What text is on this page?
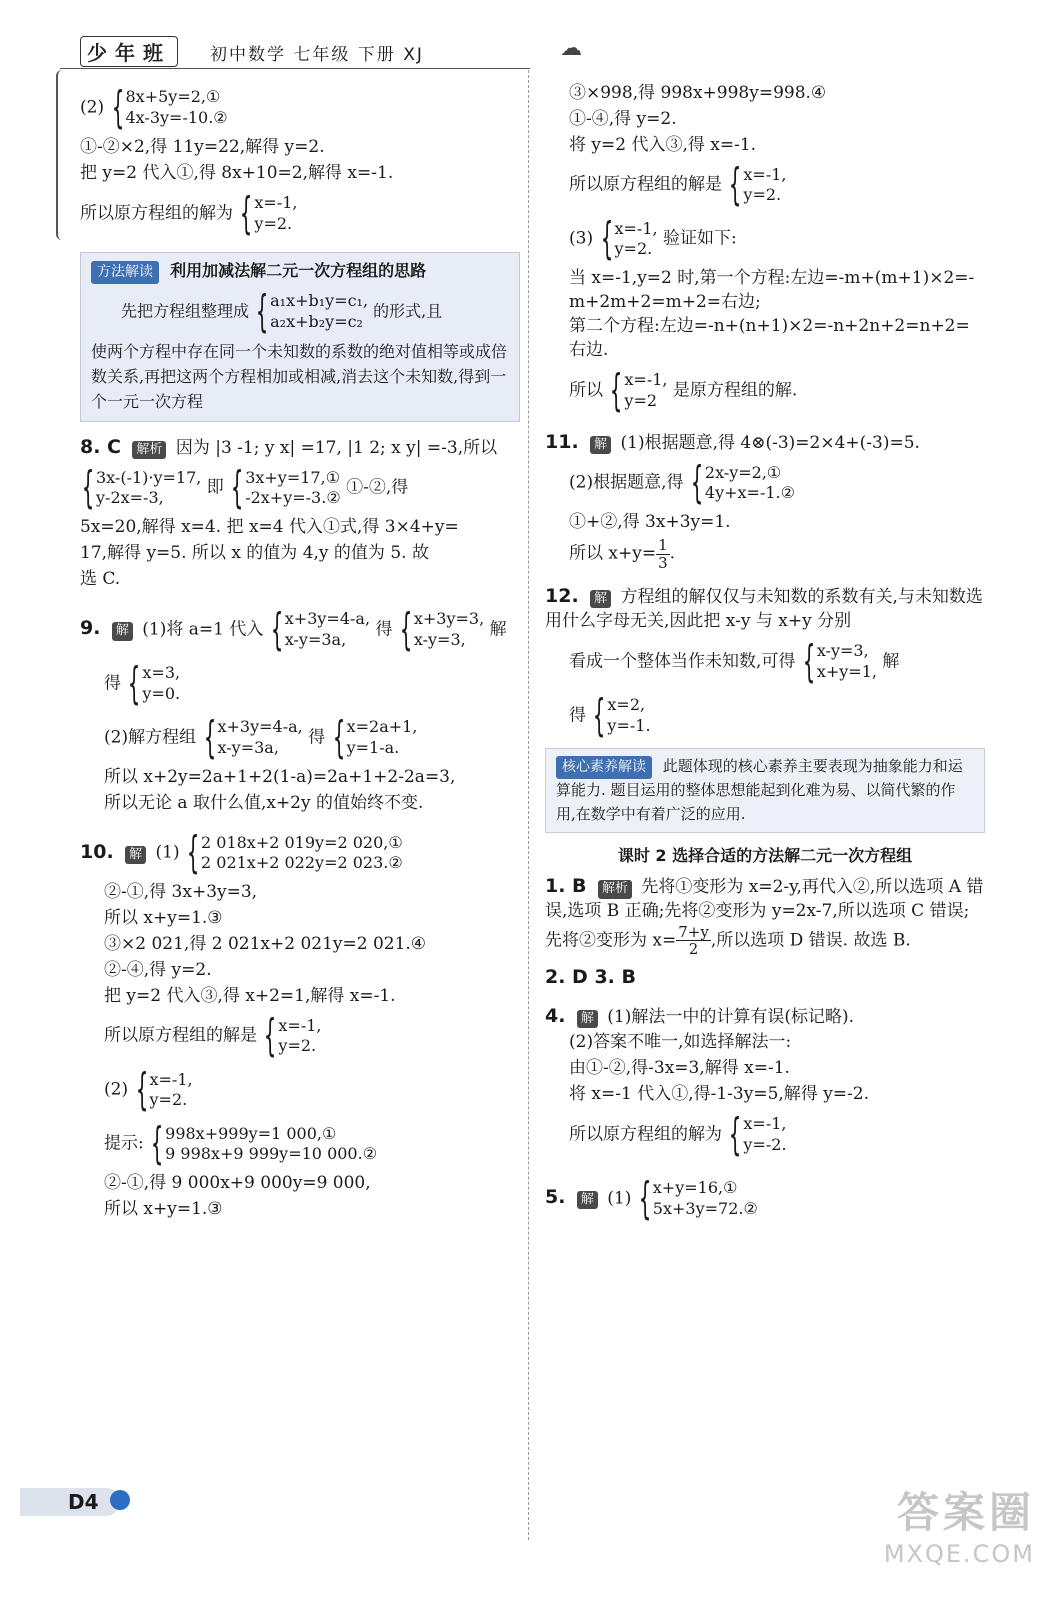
少年班	初中数学 七年级 下册 XJ	☁
(2) { 8x+5y=2,①
4x-3y=-10.②
①-②×2,得 11y=22,解得 y=2.
把 y=2 代入①,得 8x+10=2,解得 x=-1.
所以原方程组的解为 { x=-1,
y=2.
方法解读 利用加减法解二元一次方程组的思路
先把方程组整理成 { a₁x+b₁y=c₁,
a₂x+b₂y=c₂
的形式,且
使两个方程中存在同一个未知数的系数的绝对值相等或成倍数关系,再把这两个方程相加或相减,消去这个未知数,得到一个一元一次方程
8. C 解析 因为 |3 -1; y x| =17, |1 2; x y| =-3,所以
{ 3x-(-1)·y=17,
y-2x=-3,	即 { 3x+y=17,①
-2x+y=-3.② ①-②,得
5x=20,解得 x=4. 把 x=4 代入①式,得 3×4+y=
17,解得 y=5. 所以 x 的值为 4,y 的值为 5. 故
选 C.
9. 解 (1)将 a=1 代入 { x+3y=4-a,
x-y=3a,	得 { x+3y=3,
x-y=3,	解
得 { x=3,
y=0.
(2)解方程组 { x+3y=4-a,
x-y=3a,	得 { x=2a+1,
y=1-a.
所以 x+2y=2a+1+2(1-a)=2a+1+2-2a=3,
所以无论 a 取什么值,x+2y 的值始终不变.
10. 解 (1) { 2 018x+2 019y=2 020,①
2 021x+2 022y=2 023.②
②-①,得 3x+3y=3,
所以 x+y=1.③
③×2 021,得 2 021x+2 021y=2 021.④
②-④,得 y=2.
把 y=2 代入③,得 x+2=1,解得 x=-1.
所以原方程组的解是 { x=-1,
y=2.
(2) { x=-1,
y=2.
提示: { 998x+999y=1 000,①
9 998x+9 999y=10 000.②
②-①,得 9 000x+9 000y=9 000,
所以 x+y=1.③
③×998,得 998x+998y=998.④
①-④,得 y=2.
将 y=2 代入③,得 x=-1.
所以原方程组的解是 { x=-1,
y=2.
(3) { x=-1,
y=2. 验证如下:
当 x=-1,y=2 时,第一个方程:左边=-m+(m+1)×2=-m+2m+2=m+2=右边;
第二个方程:左边=-n+(n+1)×2=-n+2n+2=n+2=右边.
所以 { x=-1,
y=2 是原方程组的解.
11. 解 (1)根据题意,得 4⊗(-3)=2×4+(-3)=5.
(2)根据题意,得 { 2x-y=2,①
4y+x=-1.②
①+②,得 3x+3y=1.
所以 $x+y= \frac{1}{3}$ .
12. 解 方程组的解仅仅与未知数的系数有关,与未知数选用什么字母无关,因此把 x-y 与 x+y 分别
看成一个整体当作未知数,可得 { x-y=3,
x+y=1, 解
得 { x=2,
y=-1.
核心素养解读 此题体现的核心素养主要表现为抽象能力和运算能力. 题目运用的整体思想能起到化难为易、以简代繁的作用,在数学中有着广泛的应用.
课时 2 选择合适的方法解二元一次方程组
1. B 解析 先将①变形为 x=2-y,再代入②,所以选项 A 错误,选项 B 正确;先将②变形为 y=2x-7,所以选项 C 错误;先将②变形为 $x= \frac{7+y}{2}$ ,所以选项 D 错误. 故选 B.
2. D 3. B
4. 解 (1)解法一中的计算有误(标记略).
(2)答案不唯一,如选择解法一:
由①-②,得-3x=3,解得 x=-1.
将 x=-1 代入①,得-1-3y=5,解得 y=-2.
所以原方程组的解为 { x=-1,
y=-2.
5. 解 (1) { x+y=16,①
5x+3y=72.②
D4	答案圈
MXQE.COM
